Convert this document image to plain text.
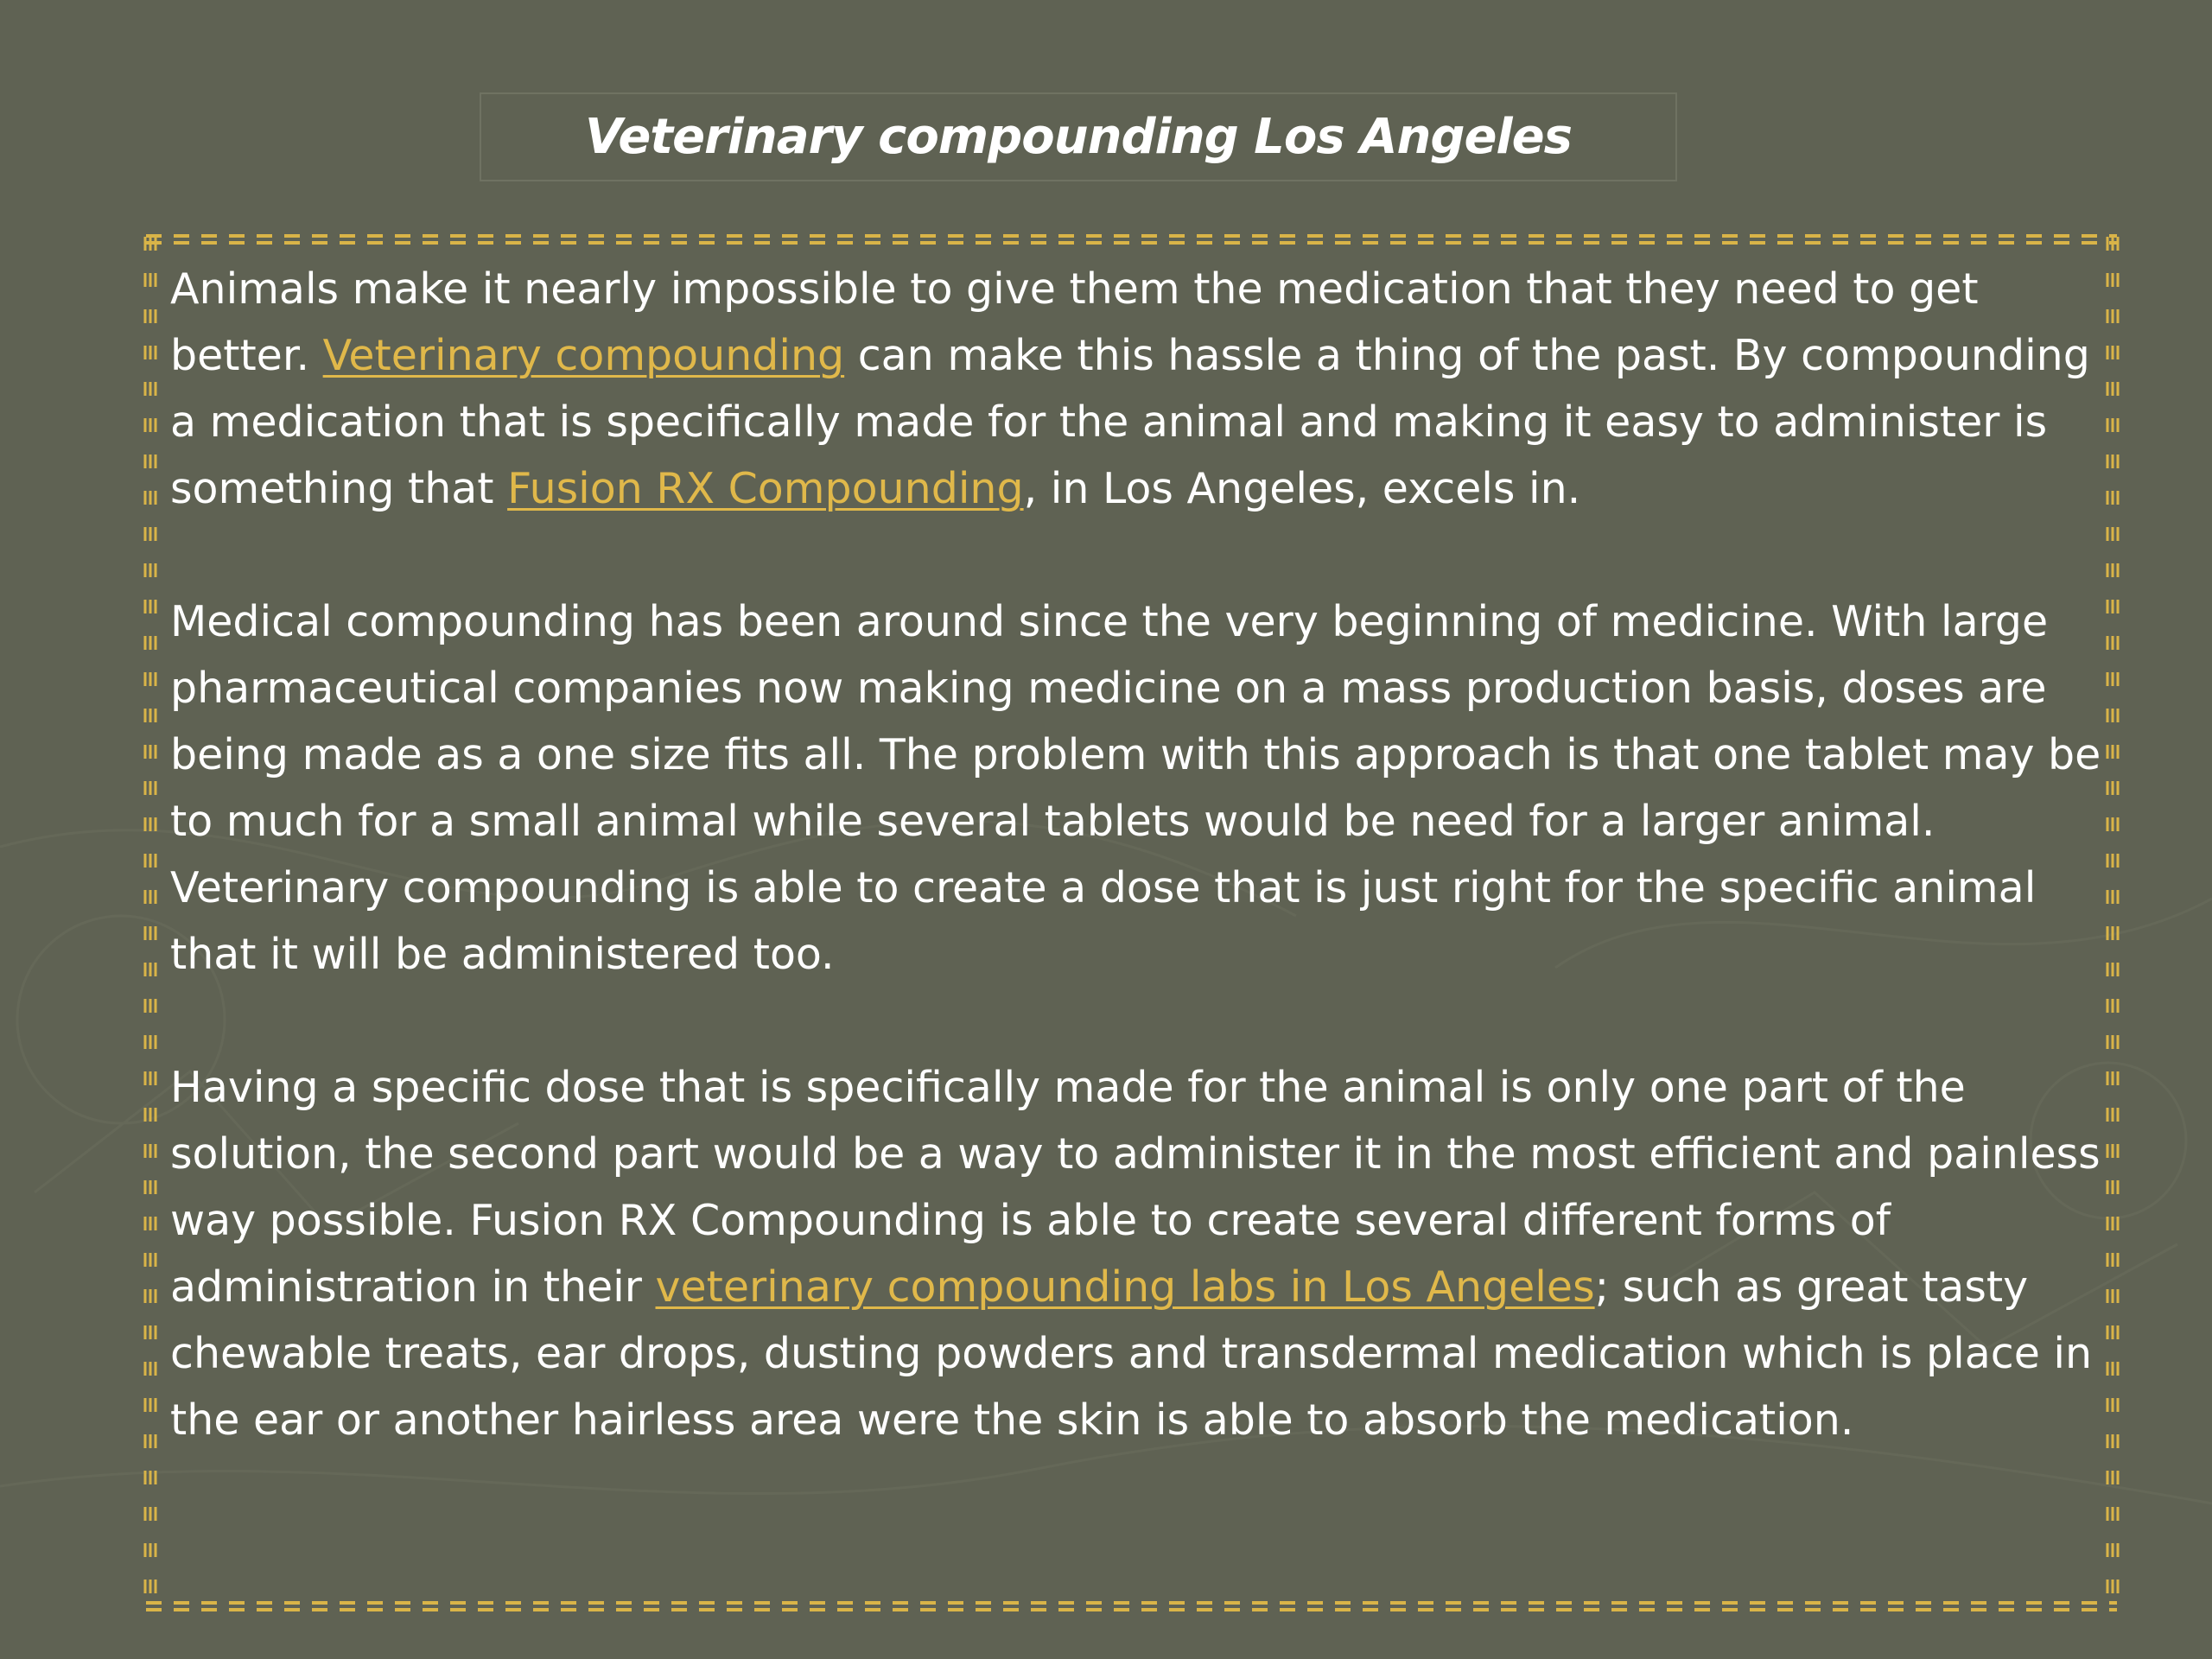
Veterinary compounding Los Angeles

Animals make it nearly impossible to give them the medication that they need to get better. Veterinary compounding can make this hassle a thing of the past. By compounding a medication that is specifically made for the animal and making it easy to administer is something that Fusion RX Compounding, in Los Angeles, excels in.

Medical compounding has been around since the very beginning of medicine. With large pharmaceutical companies now making medicine on a mass production basis, doses are being made as a one size fits all. The problem with this approach is that one tablet may be to much for a small animal while several tablets would be need for a larger animal. Veterinary compounding is able to create a dose that is just right for the specific animal that it will be administered too.

Having a specific dose that is specifically made for the animal is only one part of the solution, the second part would be a way to administer it in the most efficient and painless way possible. Fusion RX Compounding is able to create several different forms of administration in their veterinary compounding labs in Los Angeles; such as great tasty chewable treats, ear drops, dusting powders and transdermal medication which is place in the ear or another hairless area were the skin is able to absorb the medication.
